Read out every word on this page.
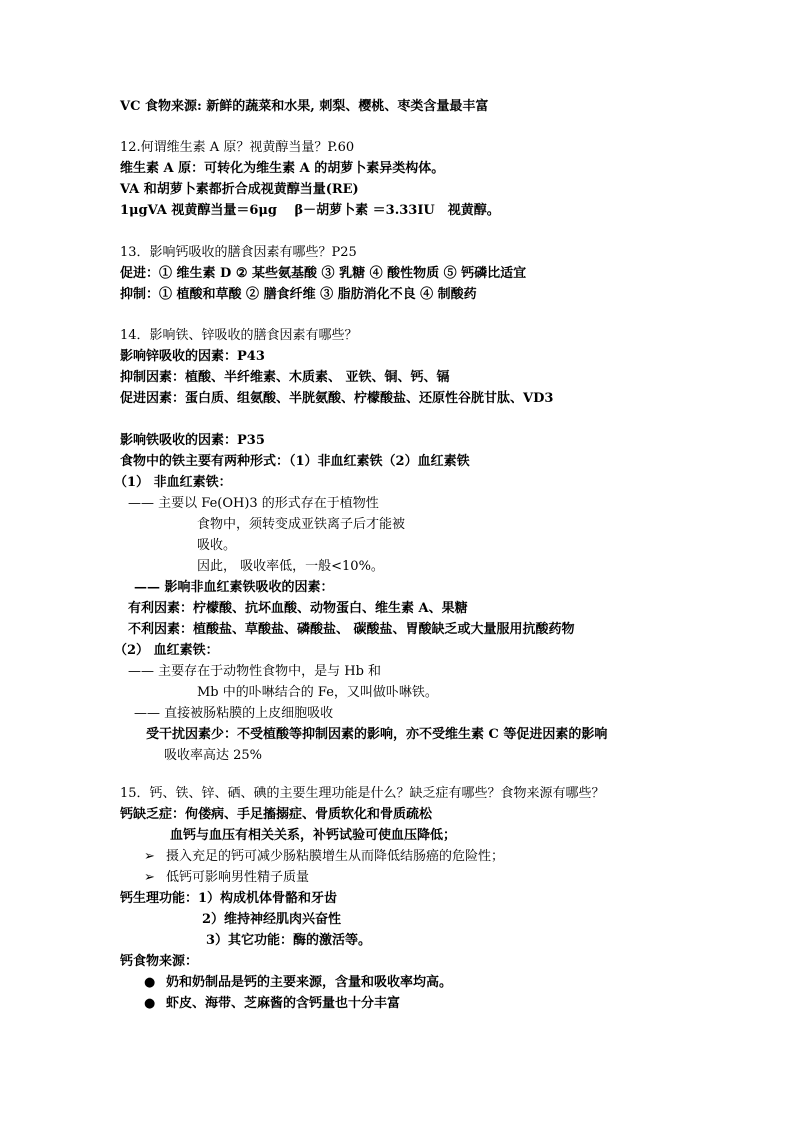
VC 食物来源: 新鲜的蔬菜和水果, 刺梨、樱桃、枣类含量最丰富
12.何谓维生素 A 原？视黄醇当量？P.60
维生素 A 原：可转化为维生素 A 的胡萝卜素异类构体。
VA 和胡萝卜素都折合成视黄醇当量(RE)
1μgVA 视黄醇当量＝6μg　 β－胡萝卜素 ＝3.33IU　视黄醇。
13．影响钙吸收的膳食因素有哪些？P25
促进：① 维生素 D ② 某些氨基酸 ③ 乳糖 ④ 酸性物质 ⑤ 钙磷比适宜
抑制：① 植酸和草酸 ② 膳食纤维 ③ 脂肪消化不良 ④ 制酸药
14．影响铁、锌吸收的膳食因素有哪些？
影响锌吸收的因素：P43
抑制因素：植酸、半纤维素、木质素、 亚铁、铜、钙、镉
促进因素：蛋白质、组氨酸、半胱氨酸、柠檬酸盐、还原性谷胱甘肽、VD3
影响铁吸收的因素：P35
食物中的铁主要有两种形式：（1）非血红素铁（2）血红素铁
（1） 非血红素铁：
—— 主要以 Fe(OH)3 的形式存在于植物性
食物中，须转变成亚铁离子后才能被
吸收。
因此， 吸收率低，一般<10%。
—— 影响非血红素铁吸收的因素：
有利因素：柠檬酸、抗坏血酸、动物蛋白、维生素 A、果糖
不利因素：植酸盐、草酸盐、磷酸盐、 碳酸盐、胃酸缺乏或大量服用抗酸药物
（2） 血红素铁：
—— 主要存在于动物性食物中，是与 Hb 和
Mb 中的卟啉结合的 Fe，又叫做卟啉铁。
—— 直接被肠粘膜的上皮细胞吸收
受干扰因素少：不受植酸等抑制因素的影响，亦不受维生素 C 等促进因素的影响
吸收率高达 25%
15．钙、铁、锌、硒、碘的主要生理功能是什么？缺乏症有哪些？食物来源有哪些？
钙缺乏症：佝偻病、手足搐搦症、骨质软化和骨质疏松
血钙与血压有相关关系，补钙试验可使血压降低；
➢ 摄入充足的钙可减少肠粘膜增生从而降低结肠癌的危险性；
➢ 低钙可影响男性精子质量
钙生理功能：1）构成机体骨骼和牙齿
2）维持神经肌肉兴奋性
3）其它功能：酶的激活等。
钙食物来源：
● 奶和奶制品是钙的主要来源，含量和吸收率均高。
● 虾皮、海带、芝麻酱的含钙量也十分丰富
